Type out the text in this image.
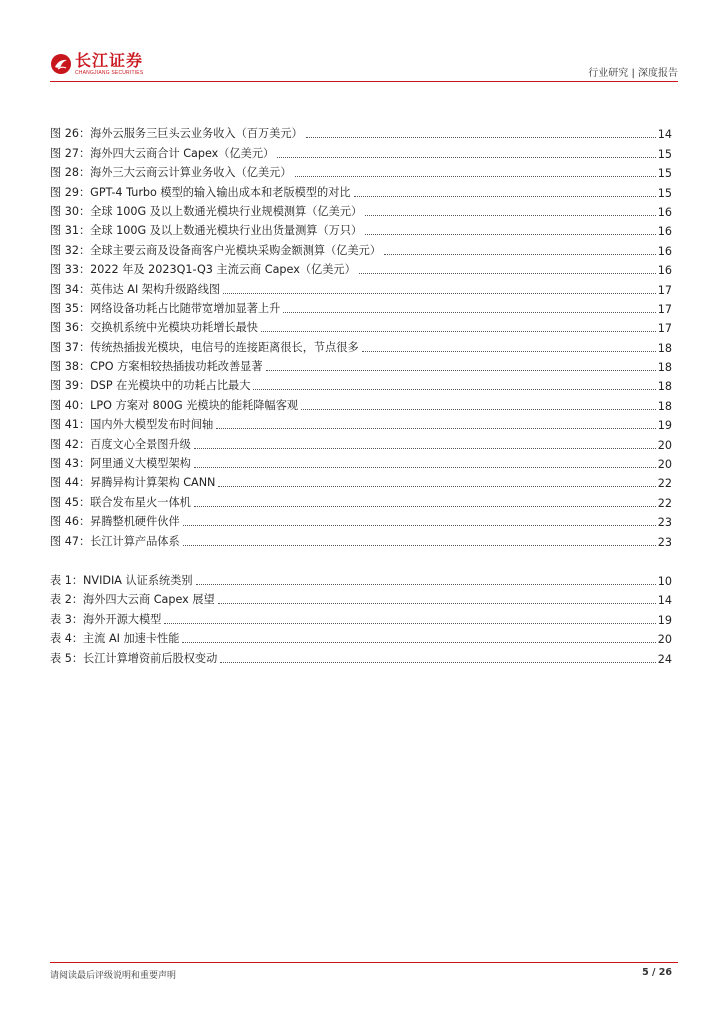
长江证券
CHANGJIANG SECURITIES	行业研究 | 深度报告
图 26：海外云服务三巨头云业务收入（百万美元）	14
图 27：海外四大云商合计 Capex（亿美元）	15
图 28：海外三大云商云计算业务收入（亿美元）	15
图 29：GPT-4 Turbo 模型的输入输出成本和老版模型的对比	15
图 30：全球 100G 及以上数通光模块行业规模测算（亿美元）	16
图 31：全球 100G 及以上数通光模块行业出货量测算（万只）	16
图 32：全球主要云商及设备商客户光模块采购金额测算（亿美元）	16
图 33：2022 年及 2023Q1-Q3 主流云商 Capex（亿美元）	16
图 34：英伟达 AI 架构升级路线图	17
图 35：网络设备功耗占比随带宽增加显著上升	17
图 36：交换机系统中光模块功耗增长最快	17
图 37：传统热插拔光模块，电信号的连接距离很长，节点很多	18
图 38：CPO 方案相较热插拔功耗改善显著	18
图 39：DSP 在光模块中的功耗占比最大	18
图 40：LPO 方案对 800G 光模块的能耗降幅客观	18
图 41：国内外大模型发布时间轴	19
图 42：百度文心全景图升级	20
图 43：阿里通义大模型架构	20
图 44：昇腾异构计算架构 CANN	22
图 45：联合发布星火一体机	22
图 46：昇腾整机硬件伙伴	23
图 47：长江计算产品体系	23
表 1：NVIDIA 认证系统类别	10
表 2：海外四大云商 Capex 展望	14
表 3：海外开源大模型	19
表 4：主流 AI 加速卡性能	20
表 5：长江计算增资前后股权变动	24
请阅读最后评级说明和重要声明	5 / 26
